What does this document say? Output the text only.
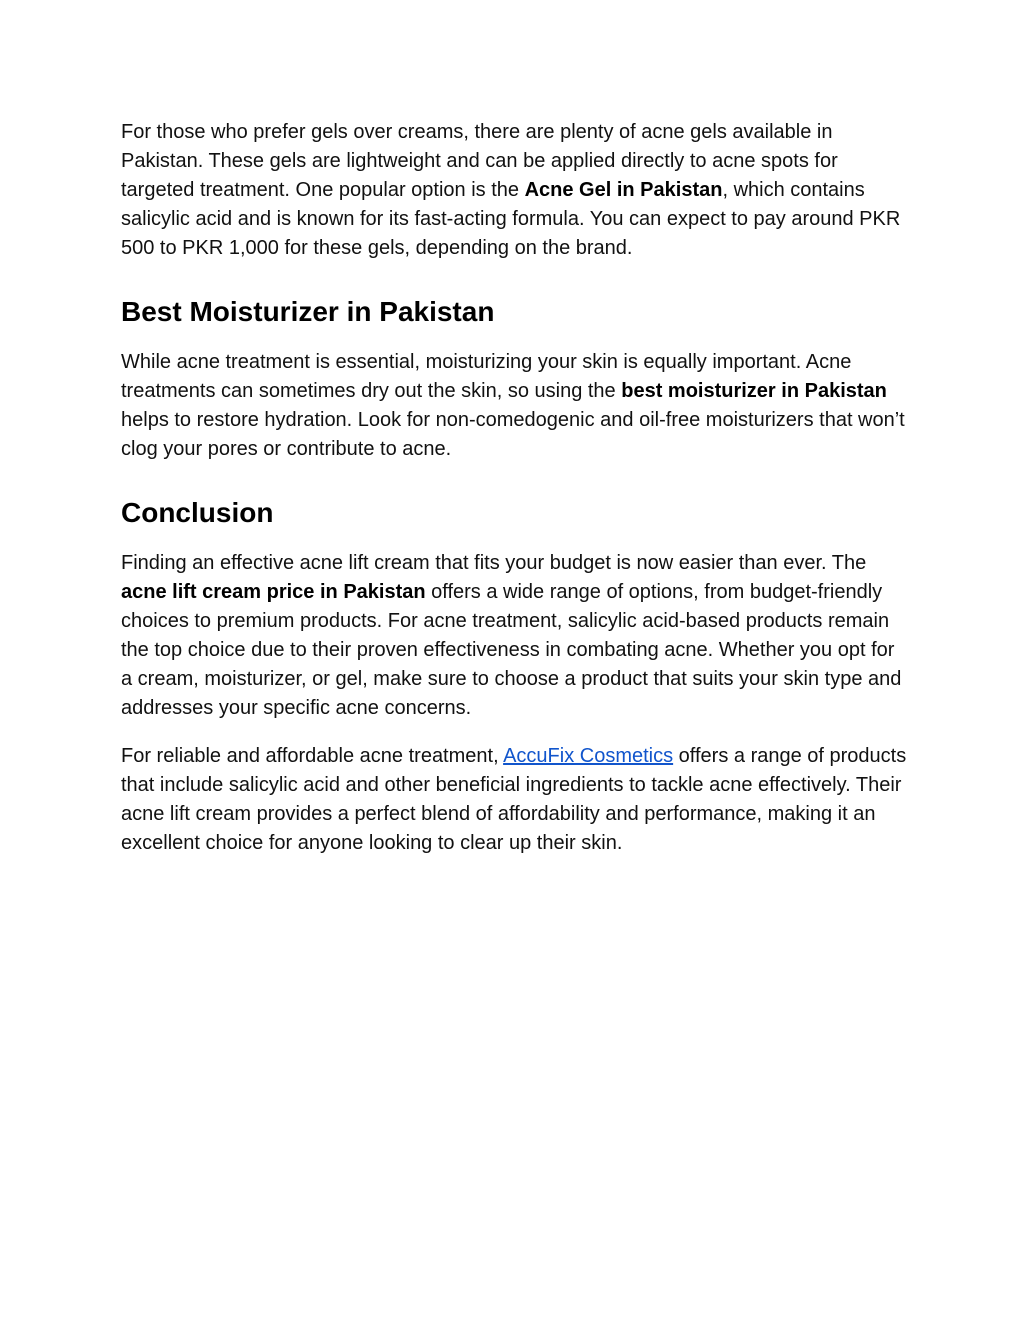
For those who prefer gels over creams, there are plenty of acne gels available in Pakistan. These gels are lightweight and can be applied directly to acne spots for targeted treatment. One popular option is the Acne Gel in Pakistan, which contains salicylic acid and is known for its fast-acting formula. You can expect to pay around PKR 500 to PKR 1,000 for these gels, depending on the brand.

Best Moisturizer in Pakistan

While acne treatment is essential, moisturizing your skin is equally important. Acne treatments can sometimes dry out the skin, so using the best moisturizer in Pakistan helps to restore hydration. Look for non-comedogenic and oil-free moisturizers that won’t clog your pores or contribute to acne.

Conclusion

Finding an effective acne lift cream that fits your budget is now easier than ever. The acne lift cream price in Pakistan offers a wide range of options, from budget-friendly choices to premium products. For acne treatment, salicylic acid-based products remain the top choice due to their proven effectiveness in combating acne. Whether you opt for a cream, moisturizer, or gel, make sure to choose a product that suits your skin type and addresses your specific acne concerns.

For reliable and affordable acne treatment, AccuFix Cosmetics offers a range of products that include salicylic acid and other beneficial ingredients to tackle acne effectively. Their acne lift cream provides a perfect blend of affordability and performance, making it an excellent choice for anyone looking to clear up their skin.
